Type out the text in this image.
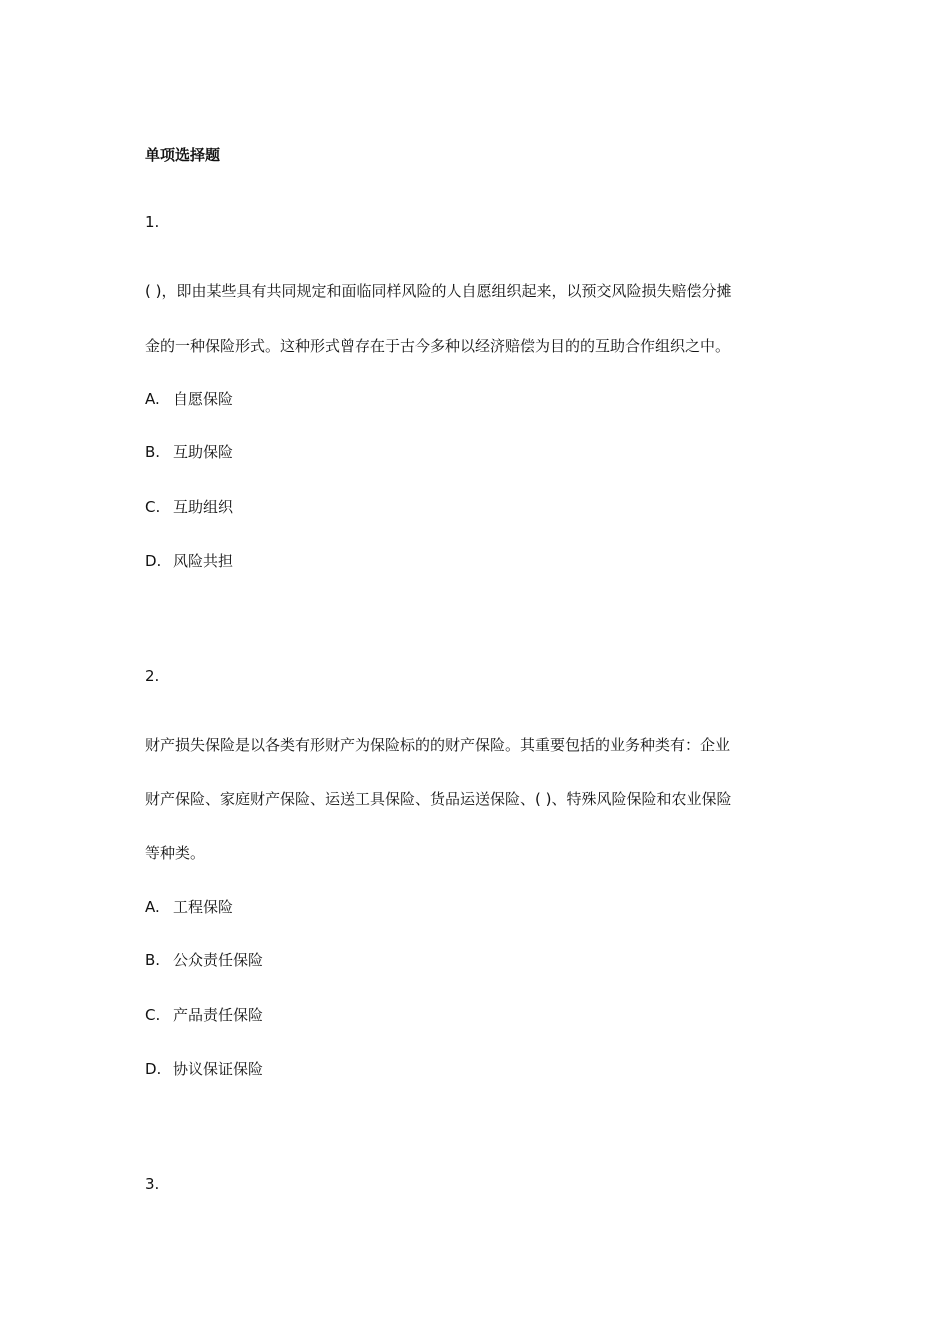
单项选择题
1.
( )，即由某些具有共同规定和面临同样风险的人自愿组织起来，以预交风险损失赔偿分摊
金的一种保险形式。这种形式曾存在于古今多种以经济赔偿为目的的互助合作组织之中。
A. 自愿保险
B. 互助保险
C. 互助组织
D. 风险共担
2.
财产损失保险是以各类有形财产为保险标的的财产保险。其重要包括的业务种类有：企业
财产保险、家庭财产保险、运送工具保险、货品运送保险、( )、特殊风险保险和农业保险
等种类。
A. 工程保险
B. 公众责任保险
C. 产品责任保险
D. 协议保证保险
3.
